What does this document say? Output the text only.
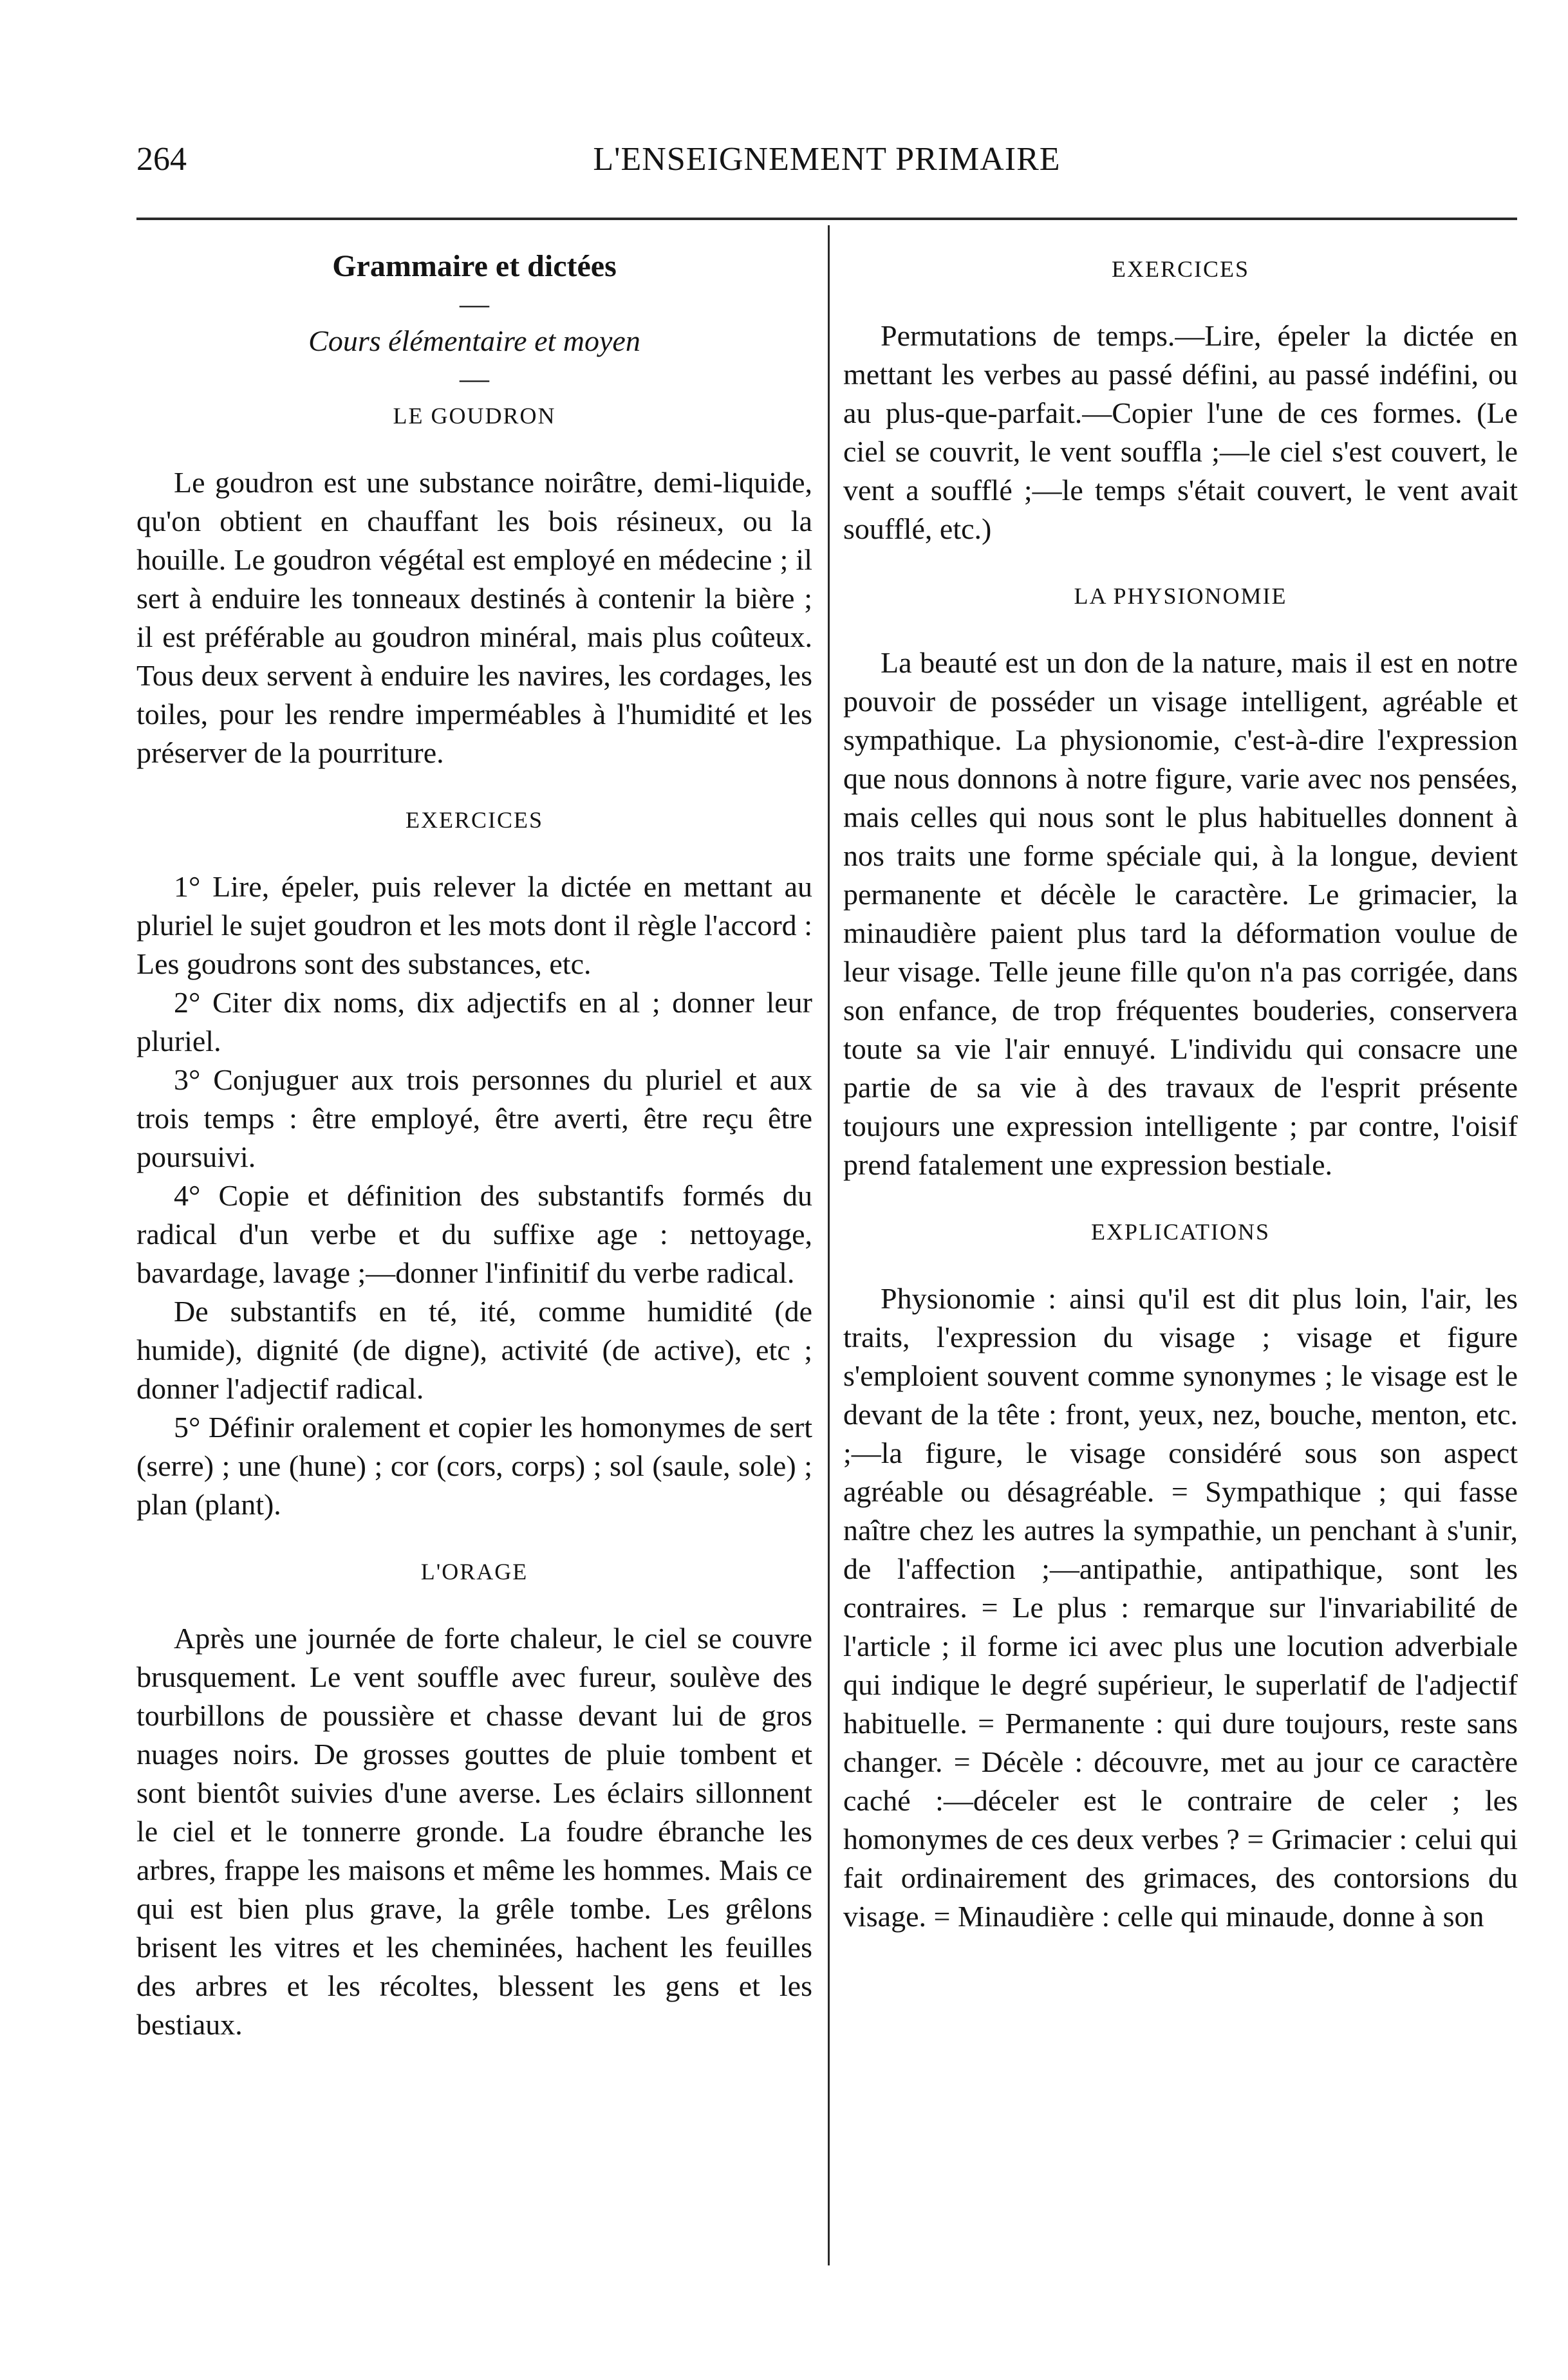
264	L'ENSEIGNEMENT PRIMAIRE
Grammaire et dictées
—
Cours élémentaire et moyen
—
LE GOUDRON

Le goudron est une substance noirâtre, demi-liquide, qu'on obtient en chauffant les bois résineux, ou la houille. Le goudron végétal est employé en médecine ; il sert à enduire les tonneaux destinés à contenir la bière ; il est préférable au goudron minéral, mais plus coûteux. Tous deux servent à enduire les navires, les cordages, les toiles, pour les rendre imperméables à l'humidité et les préserver de la pourriture.

EXERCICES

1° Lire, épeler, puis relever la dictée en mettant au pluriel le sujet goudron et les mots dont il règle l'accord : Les goudrons sont des substances, etc.

2° Citer dix noms, dix adjectifs en al ; donner leur pluriel.

3° Conjuguer aux trois personnes du pluriel et aux trois temps : être employé, être averti, être reçu être poursuivi.

4° Copie et définition des substantifs formés du radical d'un verbe et du suffixe age : nettoyage, bavardage, lavage ;—donner l'infinitif du verbe radical.

De substantifs en té, ité, comme humidité (de humide), dignité (de digne), activité (de active), etc ; donner l'adjectif radical.

5° Définir oralement et copier les homonymes de sert (serre) ; une (hune) ; cor (cors, corps) ; sol (saule, sole) ; plan (plant).

L'ORAGE

Après une journée de forte chaleur, le ciel se couvre brusquement. Le vent souffle avec fureur, soulève des tourbillons de poussière et chasse devant lui de gros nuages noirs. De grosses gouttes de pluie tombent et sont bientôt suivies d'une averse. Les éclairs sillonnent le ciel et le tonnerre gronde. La foudre ébranche les arbres, frappe les maisons et même les hommes. Mais ce qui est bien plus grave, la grêle tombe. Les grêlons brisent les vitres et les cheminées, hachent les feuilles des arbres et les récoltes, blessent les gens et les bestiaux.

EXERCICES

Permutations de temps.—Lire, épeler la dictée en mettant les verbes au passé défini, au passé indéfini, ou au plus-que-parfait.—Copier l'une de ces formes. (Le ciel se couvrit, le vent souffla ;—le ciel s'est couvert, le vent a soufflé ;—le temps s'était couvert, le vent avait soufflé, etc.)

LA PHYSIONOMIE

La beauté est un don de la nature, mais il est en notre pouvoir de posséder un visage intelligent, agréable et sympathique. La physionomie, c'est-à-dire l'expression que nous donnons à notre figure, varie avec nos pensées, mais celles qui nous sont le plus habituelles donnent à nos traits une forme spéciale qui, à la longue, devient permanente et décèle le caractère. Le grimacier, la minaudière paient plus tard la déformation voulue de leur visage. Telle jeune fille qu'on n'a pas corrigée, dans son enfance, de trop fréquentes bouderies, conservera toute sa vie l'air ennuyé. L'individu qui consacre une partie de sa vie à des travaux de l'esprit présente toujours une expression intelligente ; par contre, l'oisif prend fatalement une expression bestiale.

EXPLICATIONS

Physionomie : ainsi qu'il est dit plus loin, l'air, les traits, l'expression du visage ; visage et figure s'emploient souvent comme synonymes ; le visage est le devant de la tête : front, yeux, nez, bouche, menton, etc. ;—la figure, le visage considéré sous son aspect agréable ou désagréable. = Sympathique ; qui fasse naître chez les autres la sympathie, un penchant à s'unir, de l'affection ;—antipathie, antipathique, sont les contraires. = Le plus : remarque sur l'invariabilité de l'article ; il forme ici avec plus une locution adverbiale qui indique le degré supérieur, le superlatif de l'adjectif habituelle. = Permanente : qui dure toujours, reste sans changer. = Décèle : découvre, met au jour ce caractère caché :—déceler est le contraire de celer ; les homonymes de ces deux verbes ? = Grimacier : celui qui fait ordinairement des grimaces, des contorsions du visage. = Minaudière : celle qui minaude, donne à son
